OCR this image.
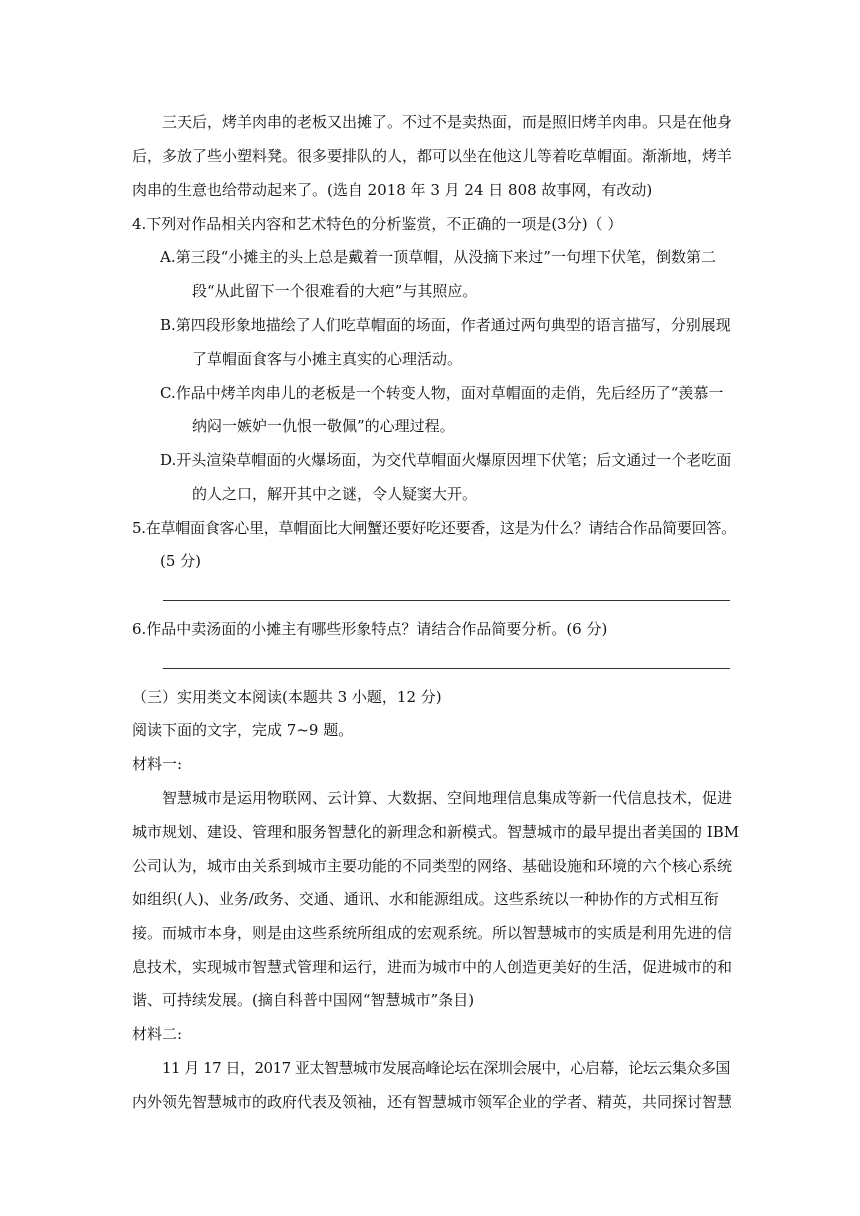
三天后，烤羊肉串的老板又出摊了。不过不是卖热面，而是照旧烤羊肉串。只是在他身
后，多放了些小塑料凳。很多要排队的人，都可以坐在他这儿等着吃草帽面。渐渐地，烤羊
肉串的生意也给带动起来了。(选自 2018 年 3 月 24 日 808 故事网，有改动)
4.下列对作品相关内容和艺术特色的分析鉴赏，不正确的一项是(3分)（ ）
A.第三段“小摊主的头上总是戴着一顶草帽，从没摘下来过”一句埋下伏笔，倒数第二
段“从此留下一个很难看的大疤”与其照应。
B.第四段形象地描绘了人们吃草帽面的场面，作者通过两句典型的语言描写，分别展现
了草帽面食客与小摊主真实的心理活动。
C.作品中烤羊肉串儿的老板是一个转变人物，面对草帽面的走俏，先后经历了“羡慕一
纳闷一嫉妒一仇恨一敬佩”的心理过程。
D.开头渲染草帽面的火爆场面，为交代草帽面火爆原因埋下伏笔；后文通过一个老吃面
的人之口，解开其中之谜，令人疑窦大开。
5.在草帽面食客心里，草帽面比大闸蟹还要好吃还要香，这是为什么？请结合作品简要回答。
(5 分)
6.作品中卖汤面的小摊主有哪些形象特点？请结合作品简要分析。(6 分)
（三）实用类文本阅读(本题共 3 小题，12 分)
阅读下面的文字，完成 7~9 题。
材料一:
智慧城市是运用物联网、云计算、大数据、空间地理信息集成等新一代信息技术，促进
城市规划、建设、管理和服务智慧化的新理念和新模式。智慧城市的最早提出者美国的 IBM
公司认为，城市由关系到城市主要功能的不同类型的网络、基础设施和环境的六个核心系统
如组织(人)、业务/政务、交通、通讯、水和能源组成。这些系统以一种协作的方式相互衔
接。而城市本身，则是由这些系统所组成的宏观系统。所以智慧城市的实质是利用先进的信
息技术，实现城市智慧式管理和运行，进而为城市中的人创造更美好的生活，促进城市的和
谐、可持续发展。(摘自科普中国网“智慧城市”条目)
材料二:
11 月 17 日，2017 亚太智慧城市发展高峰论坛在深圳会展中，心启幕，论坛云集众多国
内外领先智慧城市的政府代表及领袖，还有智慧城市领军企业的学者、精英，共同探讨智慧
